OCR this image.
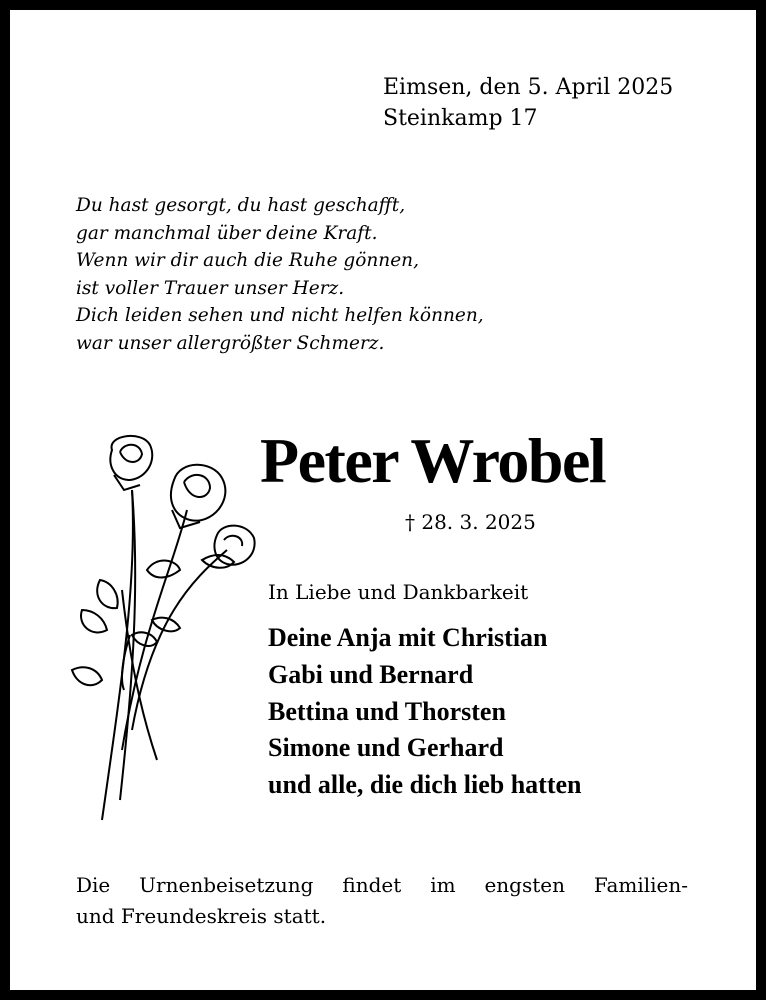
Eimsen, den 5. April 2025
Steinkamp 17
Du hast gesorgt, du hast geschafft,
gar manchmal über deine Kraft.
Wenn wir dir auch die Ruhe gönnen,
ist voller Trauer unser Herz.
Dich leiden sehen und nicht helfen können,
war unser allergrößter Schmerz.
Peter Wrobel
† 28. 3. 2025
In Liebe und Dankbarkeit
Deine Anja mit Christian
Gabi und Bernard
Bettina und Thorsten
Simone und Gerhard
und alle, die dich lieb hatten
Die Urnenbeisetzung findet im engsten Familien-
und Freundeskreis statt.
